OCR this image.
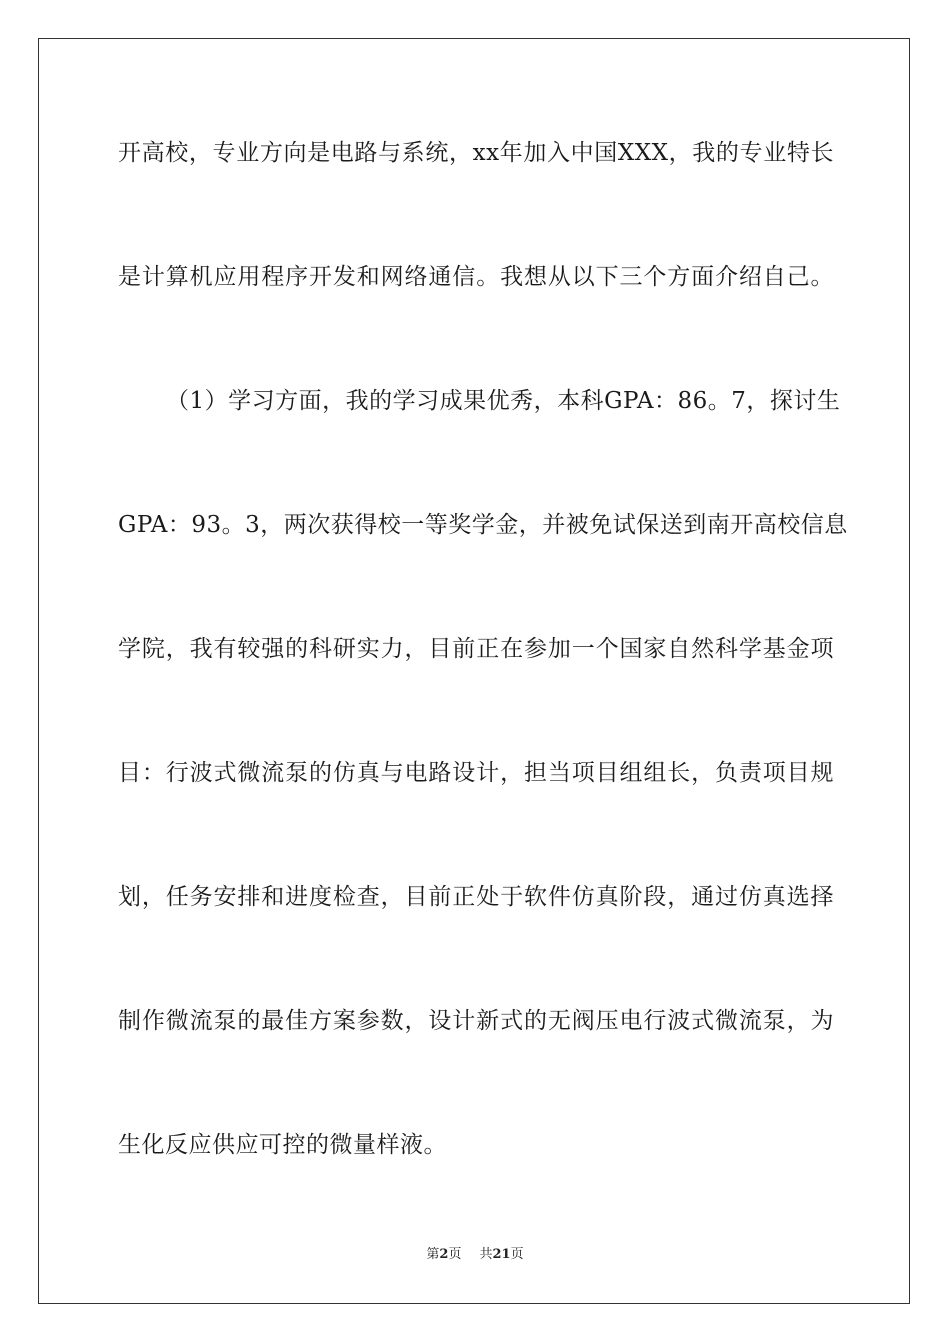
开高校，专业方向是电路与系统，xx年加入中国XXX，我的专业特长
是计算机应用程序开发和网络通信。我想从以下三个方面介绍自己。
（1）学习方面，我的学习成果优秀，本科GPA：86。7，探讨生
GPA：93。3，两次获得校一等奖学金，并被免试保送到南开高校信息
学院，我有较强的科研实力，目前正在参加一个国家自然科学基金项
目：行波式微流泵的仿真与电路设计，担当项目组组长，负责项目规
划，任务安排和进度检查，目前正处于软件仿真阶段，通过仿真选择
制作微流泵的最佳方案参数，设计新式的无阀压电行波式微流泵，为
生化反应供应可控的微量样液。
第2页 共21页
